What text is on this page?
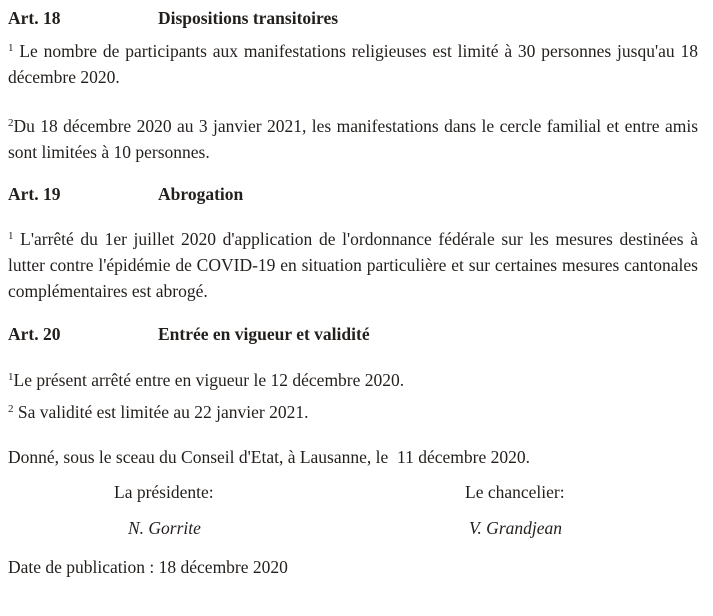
Art. 18	Dispositions transitoires

$^1$ Le nombre de participants aux manifestations religieuses est limité à 30 personnes jusqu'au 18 décembre 2020.

$^2$Du 18 décembre 2020 au 3 janvier 2021, les manifestations dans le cercle familial et entre amis sont limitées à 10 personnes.

Art. 19	Abrogation

$^1$ L'arrêté du 1er juillet 2020 d'application de l'ordonnance fédérale sur les mesures destinées à lutter contre l'épidémie de COVID-19 en situation particulière et sur certaines mesures cantonales complémentaires est abrogé.

Art. 20	Entrée en vigueur et validité
$^1$Le présent arrêté entre en vigueur le 12 décembre 2020.
$^2$ Sa validité est limitée au 22 janvier 2021.
Donné, sous le sceau du Conseil d'Etat, à Lausanne, le  11 décembre 2020.
La présidente:	Le chancelier:
N. Gorrite	V. Grandjean
Date de publication : 18 décembre 2020
